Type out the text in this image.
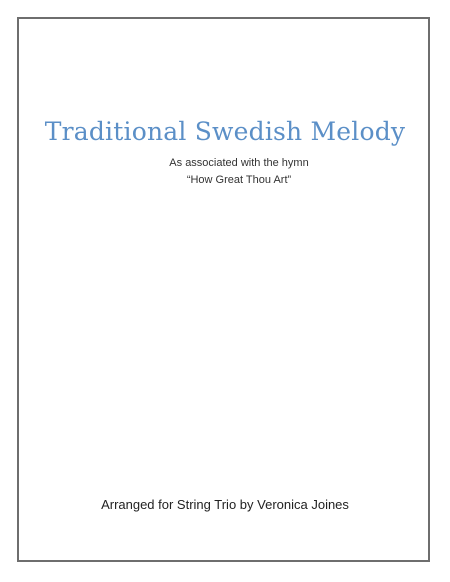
Traditional Swedish Melody
As associated with the hymn
“How Great Thou Art”
Arranged for String Trio by Veronica Joines
